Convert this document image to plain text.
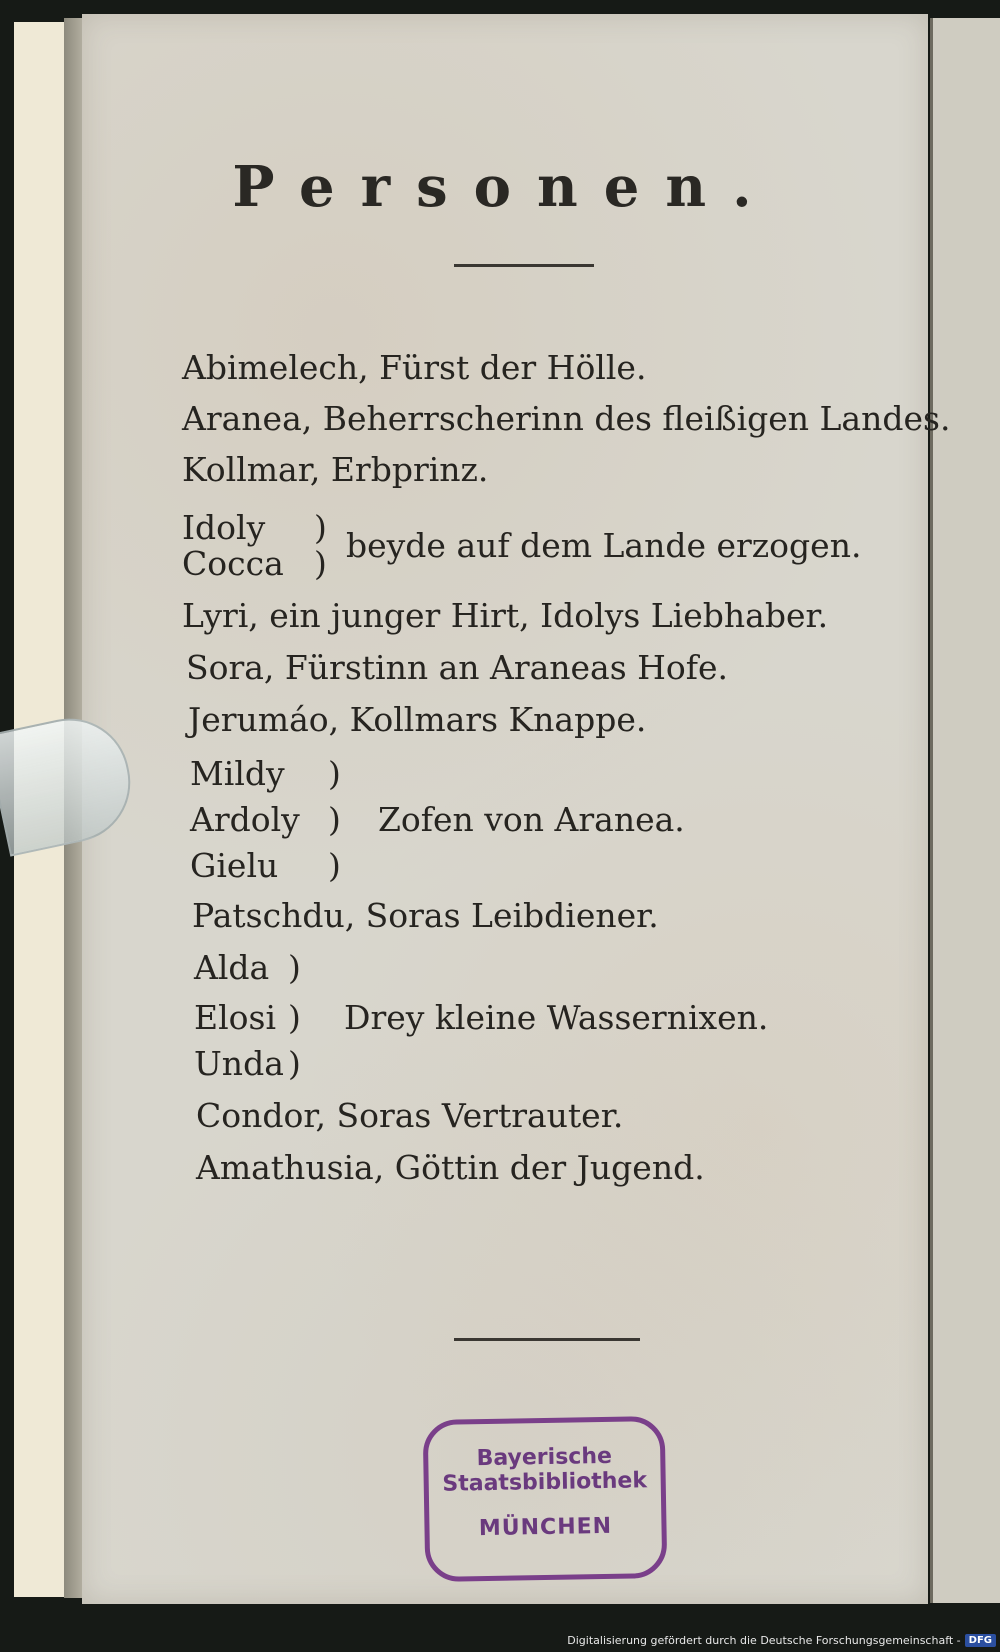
Personen.
Abimelech, Fürst der Hölle.
Aranea, Beherrscherinn des fleißigen Landes.
Kollmar, Erbprinz.
Idoly
Cocca
)
) beyde auf dem Lande erzogen.
Lyri, ein junger Hirt, Idolys Liebhaber.
Sora, Fürstinn an Araneas Hofe.
Jerumáo, Kollmars Knappe.
Mildy
Ardoly
Gielu
)
)
)
Zofen von Aranea.
Patschdu, Soras Leibdiener.
Alda
Elosi
Unda
)
)
)
Drey kleine Wassernixen.
Condor, Soras Vertrauter.
Amathusia, Göttin der Jugend.
Bayerische
Staatsbibliothek
MÜNCHEN
Digitalisierung gefördert durch die Deutsche Forschungsgemeinschaft - DFG
